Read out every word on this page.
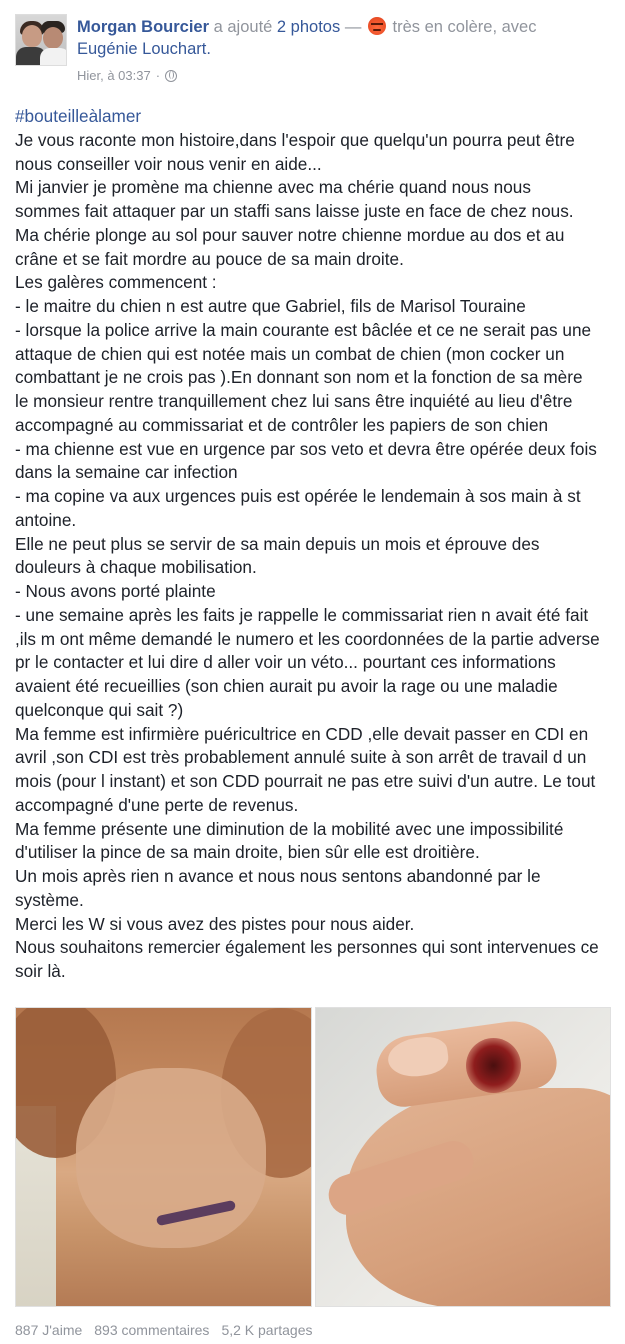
Morgan Bourcier a ajouté 2 photos —  très en colère, avec
Eugénie Louchart.
Hier, à 03:37 ·
#bouteilleàlamer
Je vous raconte mon histoire,dans l'espoir que quelqu'un pourra peut être
nous conseiller voir nous venir en aide...
Mi janvier je promène ma chienne avec ma chérie quand nous nous
sommes fait attaquer par un staffi sans laisse juste en face de chez nous.
Ma chérie plonge au sol pour sauver notre chienne mordue au dos et au
crâne et se fait mordre au pouce de sa main droite.
Les galères commencent :
- le maitre du chien n est autre que Gabriel, fils de Marisol Touraine
- lorsque la police arrive la main courante est bâclée et ce ne serait pas une
attaque de chien qui est notée mais un combat de chien (mon cocker un
combattant je ne crois pas ).En donnant son nom et la fonction de sa mère
le monsieur rentre tranquillement chez lui sans être inquiété au lieu d'être
accompagné au commissariat et de contrôler les papiers de son chien
- ma chienne est vue en urgence par sos veto et devra être opérée deux fois
dans la semaine car infection
- ma copine va aux urgences puis est opérée le lendemain à sos main à st
antoine.
Elle ne peut plus se servir de sa main depuis un mois et éprouve des
douleurs à chaque mobilisation.
- Nous avons porté plainte
- une semaine après les faits je rappelle le commissariat rien n avait été fait
,ils m ont même demandé le numero et les coordonnées de la partie adverse
pr le contacter et lui dire d aller voir un véto... pourtant ces informations
avaient été recueillies (son chien aurait pu avoir la rage ou une maladie
quelconque qui sait ?)
Ma femme est infirmière puéricultrice en CDD ,elle devait passer en CDI en
avril ,son CDI est très probablement annulé suite à son arrêt de travail d un
mois (pour l instant) et son CDD pourrait ne pas etre suivi d'un autre. Le tout
accompagné d'une perte de revenus.
Ma femme présente une diminution de la mobilité avec une impossibilité
d'utiliser la pince de sa main droite, bien sûr elle est droitière.
Un mois après rien n avance et nous nous sentons abandonné par le
système.
Merci les W si vous avez des pistes pour nous aider.
Nous souhaitons remercier également les personnes qui sont intervenues ce
soir là.
887 J'aime 893 commentaires 5,2 K partages
